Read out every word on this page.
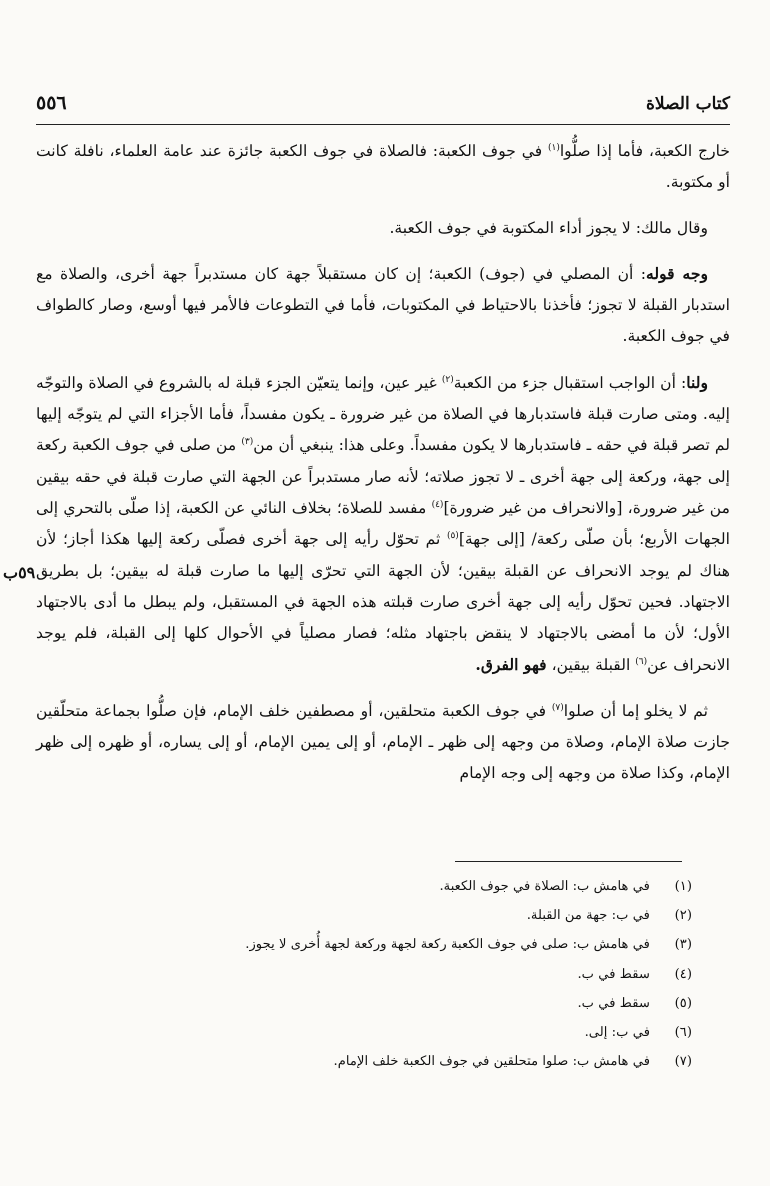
كتاب الصلاة
٥٥٦
٥٩ب

خارج الكعبة، فأما إذا صلُّوا$^{(١)}$ في جوف الكعبة: فالصلاة في جوف الكعبة جائزة عند عامة العلماء، نافلة كانت أو مكتوبة.

وقال مالك: لا يجوز أداء المكتوبة في جوف الكعبة.

وجه قوله: أن المصلي في (جوف) الكعبة؛ إن كان مستقبلاً جهة كان مستدبراً جهة أخرى، والصلاة مع استدبار القبلة لا تجوز؛ فأخذنا بالاحتياط في المكتوبات، فأما في التطوعات فالأمر فيها أوسع، وصار كالطواف في جوف الكعبة.

ولنا: أن الواجب استقبال جزء من الكعبة$^{(٢)}$ غير عين، وإنما يتعيّن الجزء قبلة له بالشروع في الصلاة والتوجّه إليه. ومتى صارت قبلة فاستدبارها في الصلاة من غير ضرورة ـ يكون مفسداً، فأما الأجزاء التي لم يتوجّه إليها لم تصر قبلة في حقه ـ فاستدبارها لا يكون مفسداً. وعلى هذا: ينبغي أن من$^{(٣)}$ من صلى في جوف الكعبة ركعة إلى جهة، وركعة إلى جهة أخرى ـ لا تجوز صلاته؛ لأنه صار مستدبراً عن الجهة التي صارت قبلة في حقه بيقين من غير ضرورة، [والانحراف من غير ضرورة]$^{(٤)}$ مفسد للصلاة؛ بخلاف النائي عن الكعبة، إذا صلّى بالتحري إلى الجهات الأربع؛ بأن صلّى ركعة/ [إلى جهة]$^{(٥)}$ ثم تحوّل رأيه إلى جهة أخرى فصلّى ركعة إليها هكذا أجاز؛ لأن هناك لم يوجد الانحراف عن القبلة بيقين؛ لأن الجهة التي تحرّى إليها ما صارت قبلة له بيقين؛ بل بطريق الاجتهاد. فحين تحوّل رأيه إلى جهة أخرى صارت قبلته هذه الجهة في المستقبل، ولم يبطل ما أدى بالاجتهاد الأول؛ لأن ما أمضى بالاجتهاد لا ينقض باجتهاد مثله؛ فصار مصلياً في الأحوال كلها إلى القبلة، فلم يوجد الانحراف عن$^{(٦)}$ القبلة بيقين، فهو الفرق.

ثم لا يخلو إما أن صلوا$^{(٧)}$ في جوف الكعبة متحلقين، أو مصطفين خلف الإمام، فإن صلُّوا بجماعة متحلّقين جازت صلاة الإمام، وصلاة من وجهه إلى ظهر ـ الإمام، أو إلى يمين الإمام، أو إلى يساره، أو ظهره إلى ظهر الإمام، وكذا صلاة من وجهه إلى وجه الإمام

(١)
في هامش ب: الصلاة في جوف الكعبة.
(٢)
في ب: جهة من القبلة.
(٣)
في هامش ب: صلى في جوف الكعبة ركعة لجهة وركعة لجهة أُخرى لا يجوز.
(٤)
سقط في ب.
(٥)
سقط في ب.
(٦)
في ب: إلى.
(٧)
في هامش ب: صلوا متحلقين في جوف الكعبة خلف الإمام.
